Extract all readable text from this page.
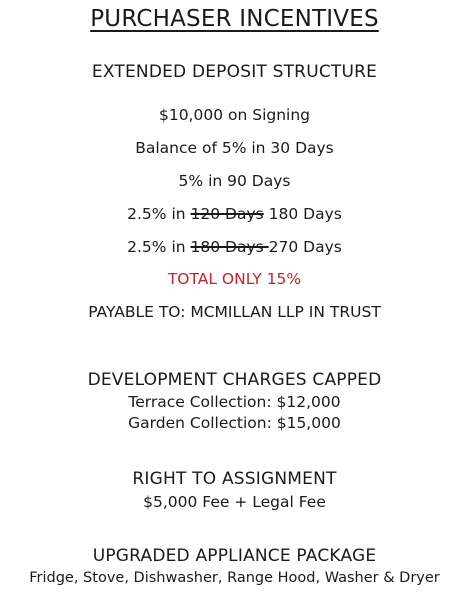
PURCHASER INCENTIVES
EXTENDED DEPOSIT STRUCTURE
$10,000 on Signing
Balance of 5% in 30 Days
5% in 90 Days
2.5% in 120 Days 180 Days
2.5% in 180 Days 270 Days
TOTAL ONLY 15%
PAYABLE TO: MCMILLAN LLP IN TRUST
DEVELOPMENT CHARGES CAPPED
Terrace Collection: $12,000
Garden Collection: $15,000
RIGHT TO ASSIGNMENT
$5,000 Fee + Legal Fee
UPGRADED APPLIANCE PACKAGE
Fridge, Stove, Dishwasher, Range Hood, Washer & Dryer
